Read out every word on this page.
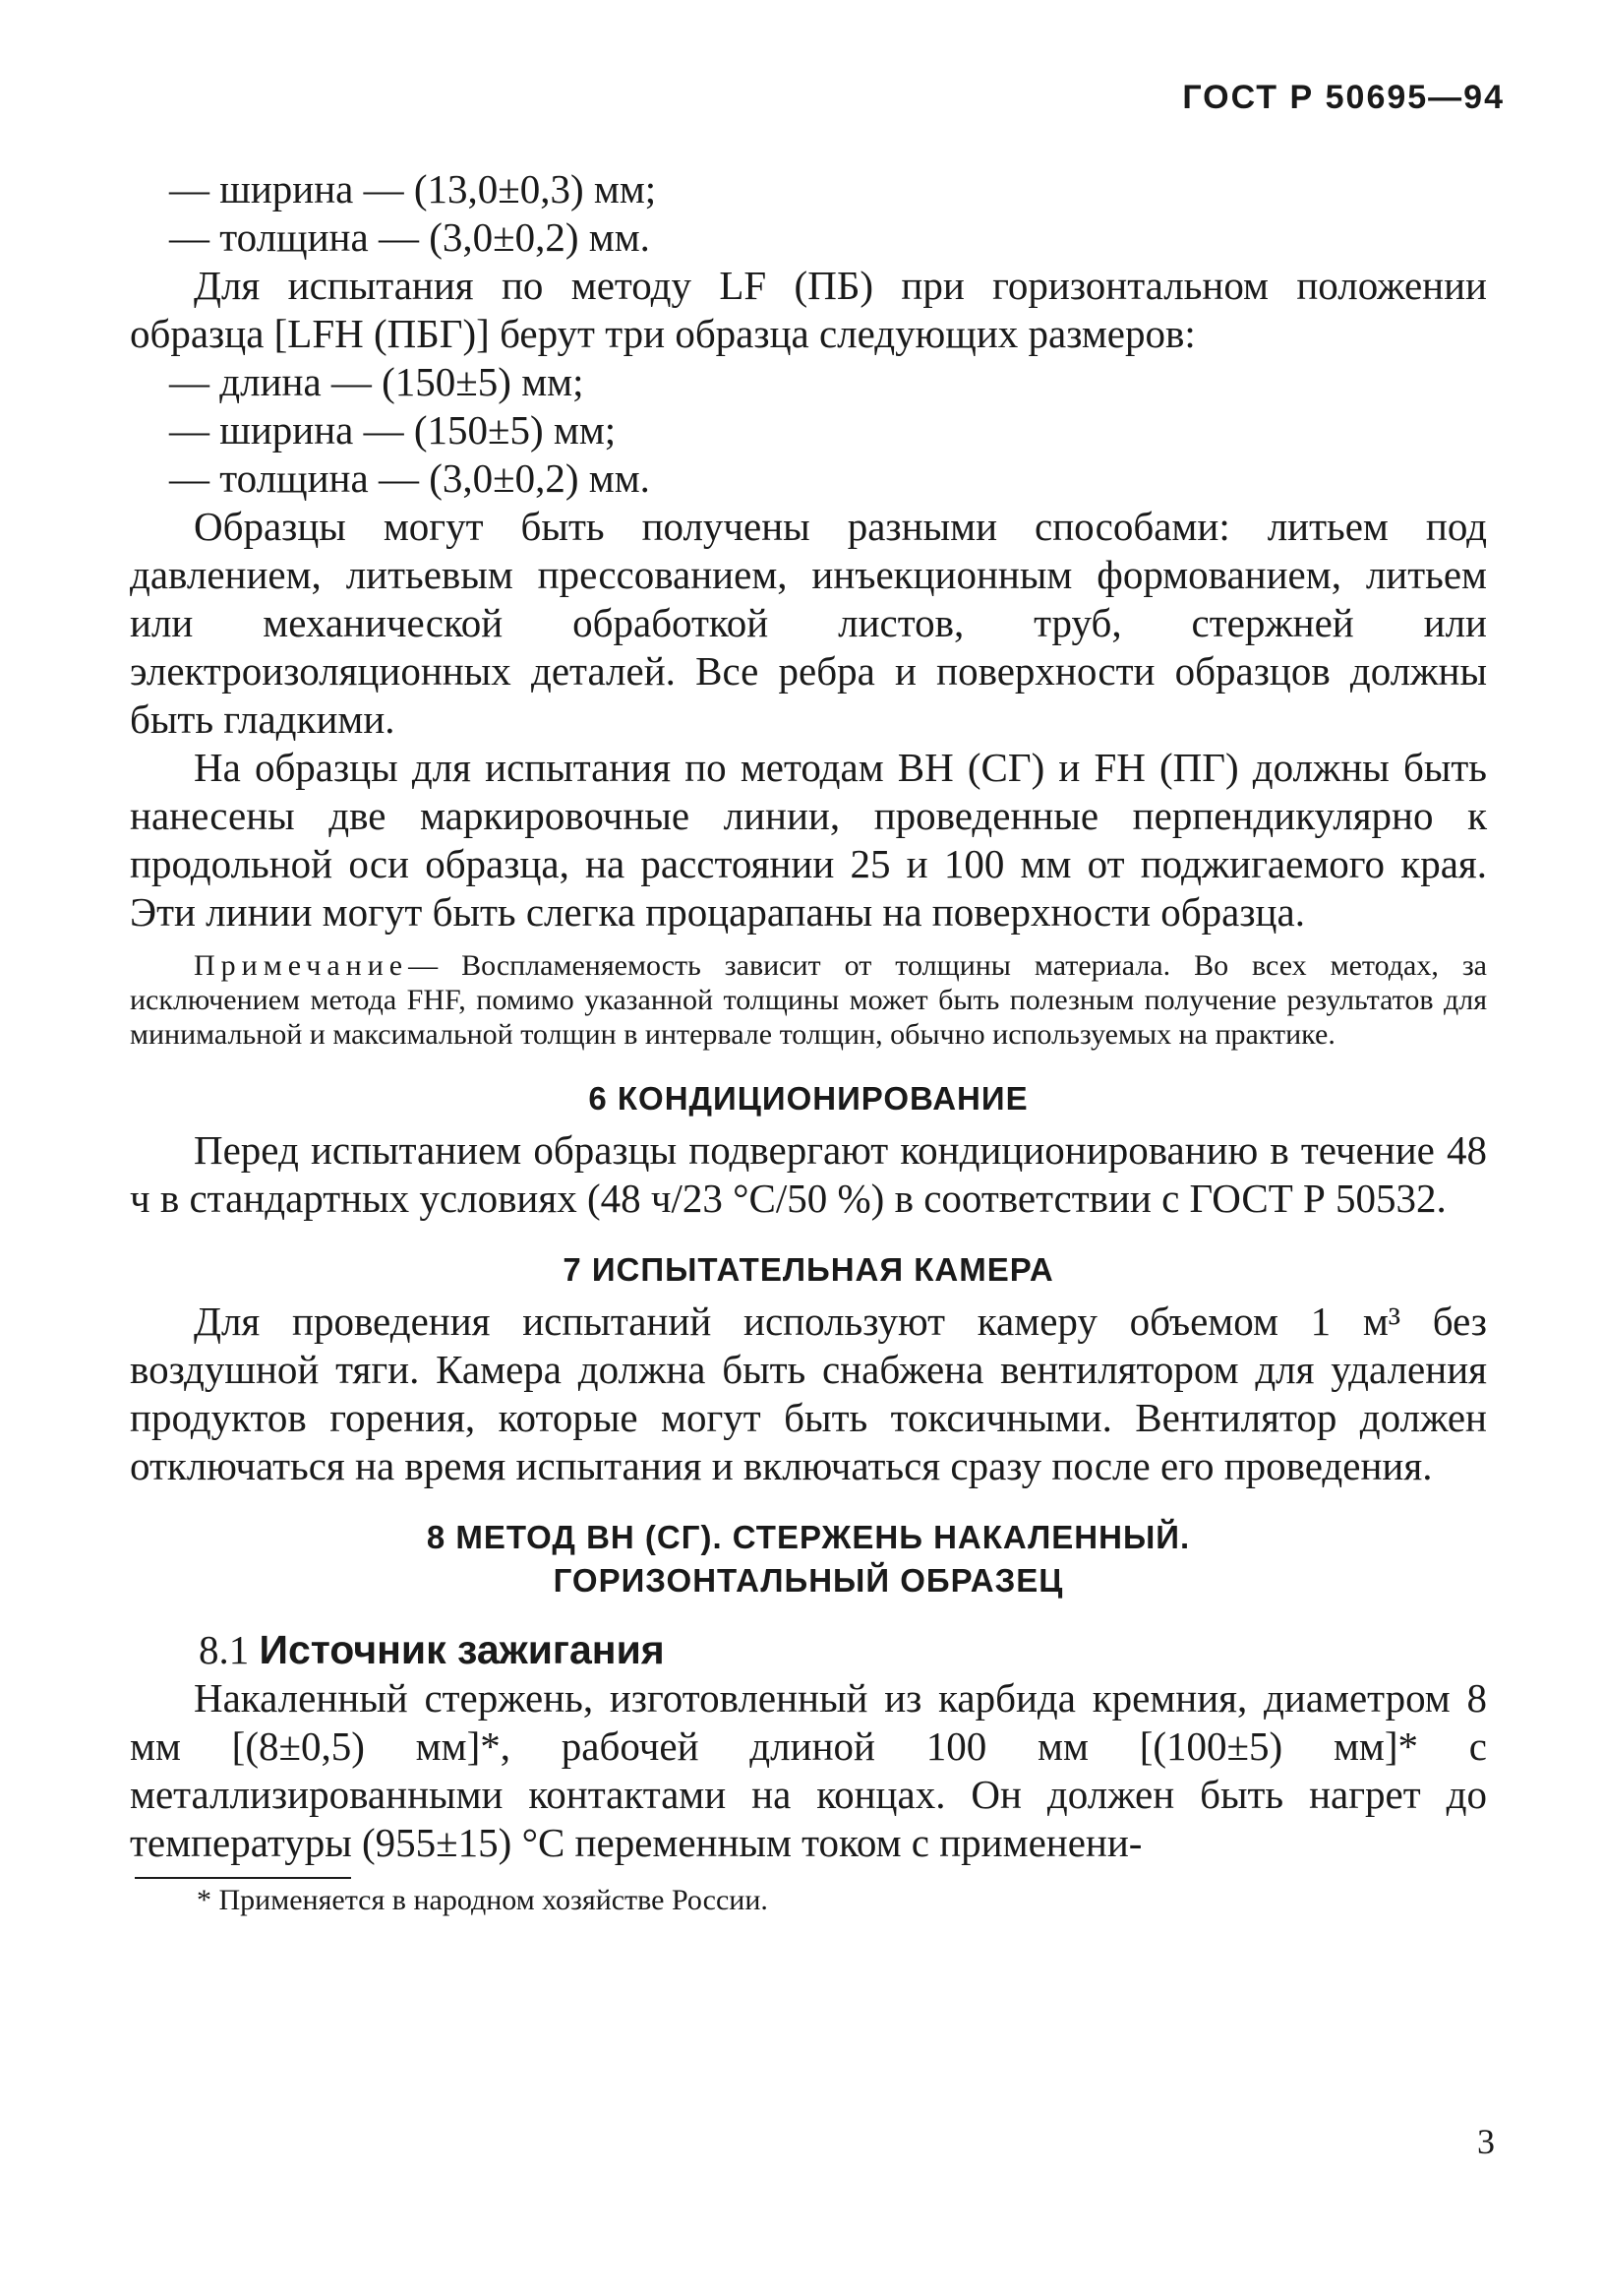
ГОСТ Р 50695—94
— ширина — (13,0±0,3) мм;
— толщина — (3,0±0,2) мм.

Для испытания по методу LF (ПБ) при горизонтальном положении образца [LFH (ПБГ)] берут три образца следующих размеров:

— длина — (150±5) мм;
— ширина — (150±5) мм;
— толщина — (3,0±0,2) мм.

Образцы могут быть получены разными способами: литьем под давлением, литьевым прессованием, инъекционным формованием, литьем или механической обработкой листов, труб, стержней или электроизоляционных деталей. Все ребра и поверхности образцов должны быть гладкими.

На образцы для испытания по методам ВН (СГ) и FH (ПГ) должны быть нанесены две маркировочные линии, проведенные перпендикулярно к продольной оси образца, на расстоянии 25 и 100 мм от поджигаемого края. Эти линии могут быть слегка процарапаны на поверхности образца.

Примечание— Воспламеняемость зависит от толщины материала. Во всех методах, за исключением метода FHF, помимо указанной толщины может быть полезным получение результатов для минимальной и максимальной толщин в интервале толщин, обычно используемых на практике.

6 КОНДИЦИОНИРОВАНИЕ

Перед испытанием образцы подвергают кондиционированию в течение 48 ч в стандартных условиях (48 ч/23 °С/50 %) в соответствии с ГОСТ Р 50532.

7 ИСПЫТАТЕЛЬНАЯ КАМЕРА

Для проведения испытаний используют камеру объемом 1 м³ без воздушной тяги. Камера должна быть снабжена вентилятором для удаления продуктов горения, которые могут быть токсичными. Вентилятор должен отключаться на время испытания и включаться сразу после его проведения.

8 МЕТОД ВН (СГ). СТЕРЖЕНЬ НАКАЛЕННЫЙ.
ГОРИЗОНТАЛЬНЫЙ ОБРАЗЕЦ
8.1 Источник зажигания

Накаленный стержень, изготовленный из карбида кремния, диаметром 8 мм [(8±0,5) мм]*, рабочей длиной 100 мм [(100±5) мм]* с металлизированными контактами на концах. Он должен быть нагрет до температуры (955±15) °С переменным током с применени-

* Применяется в народном хозяйстве России.
3
